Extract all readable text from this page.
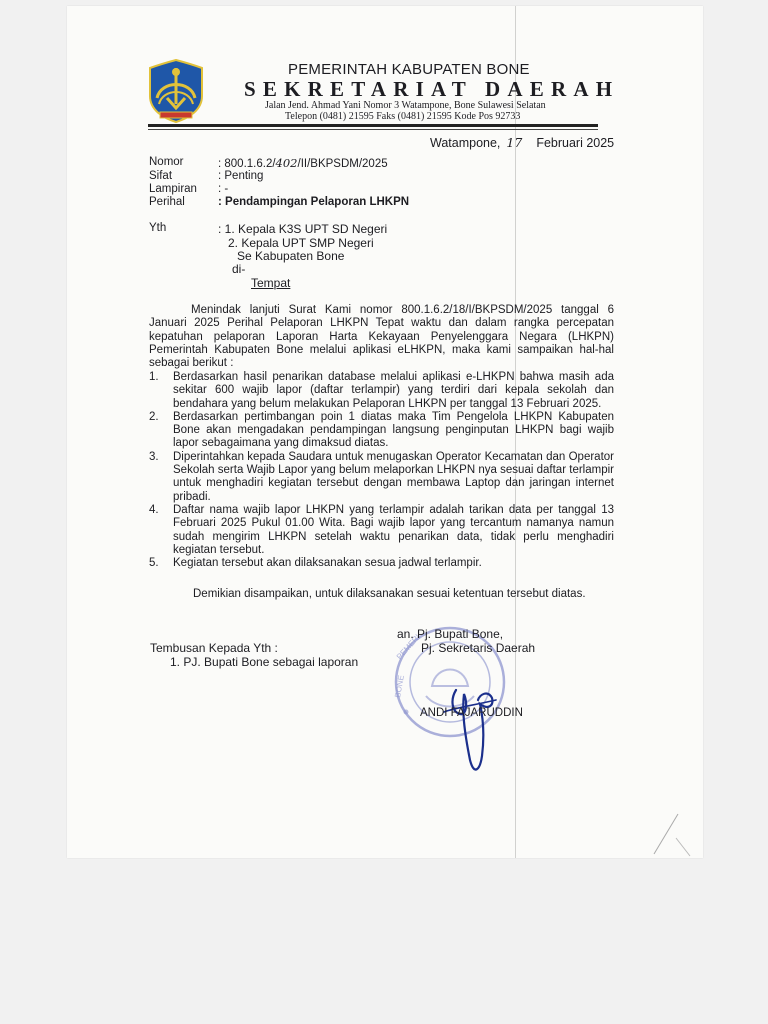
PEMERINTAH KABUPATEN BONE

SEKRETARIAT DAERAH

Jalan Jend. Ahmad Yani Nomor 3 Watampone, Bone Sulawesi Selatan

Telepon (0481) 21595 Faks (0481) 21595 Kode Pos 92733

Watampone, 17 Februari 2025

Nomor	: 800.1.6.2/402/II/BKPSDM/2025

Sifat	: Penting

Lampiran : -

Perihal	: Pendampingan Pelaporan LHKPN

Yth	: 1. Kepala K3S UPT SD Negeri

2. Kepala UPT SMP Negeri

Se Kabupaten Bone

di-

Tempat

Menindak lanjuti Surat Kami nomor 800.1.6.2/18/I/BKPSDM/2025 tanggal 6 Januari 2025 Perihal Pelaporan LHKPN Tepat waktu dan dalam rangka percepatan kepatuhan pelaporan Laporan Harta Kekayaan Penyelenggara Negara (LHKPN) Pemerintah Kabupaten Bone melalui aplikasi eLHKPN, maka kami sampaikan hal-hal sebagai berikut :

1.	Berdasarkan hasil penarikan database melalui aplikasi e-LHKPN bahwa masih ada sekitar 600 wajib lapor (daftar terlampir) yang terdiri dari kepala sekolah dan bendahara yang belum melakukan Pelaporan LHKPN per tanggal 13 Februari 2025.
2.	Berdasarkan pertimbangan poin 1 diatas maka Tim Pengelola LHKPN Kabupaten Bone akan mengadakan pendampingan langsung penginputan LHKPN bagi wajib lapor sebagaimana yang dimaksud diatas.
3.	Diperintahkan kepada Saudara untuk menugaskan Operator Kecamatan dan Operator Sekolah serta Wajib Lapor yang belum melaporkan LHKPN nya sesuai daftar terlampir untuk menghadiri kegiatan tersebut dengan membawa Laptop dan jaringan internet pribadi.
4.	Daftar nama wajib lapor LHKPN yang terlampir adalah tarikan data per tanggal 13 Februari 2025 Pukul 01.00 Wita. Bagi wajib lapor yang tercantum namanya namun sudah mengirim LHKPN setelah waktu penarikan data, tidak perlu menghadiri kegiatan tersebut.
5.	Kegiatan tersebut akan dilaksanakan sesua jadwal terlampir.

Demikian disampaikan, untuk dilaksanakan sesuai ketentuan tersebut diatas.

PEMERI
BONE

an. Pj. Bupati Bone,

Pj. Sekretaris Daerah

ANDI FAJARUDDIN

Tembusan Kepada Yth :

1. PJ. Bupati Bone sebagai laporan
